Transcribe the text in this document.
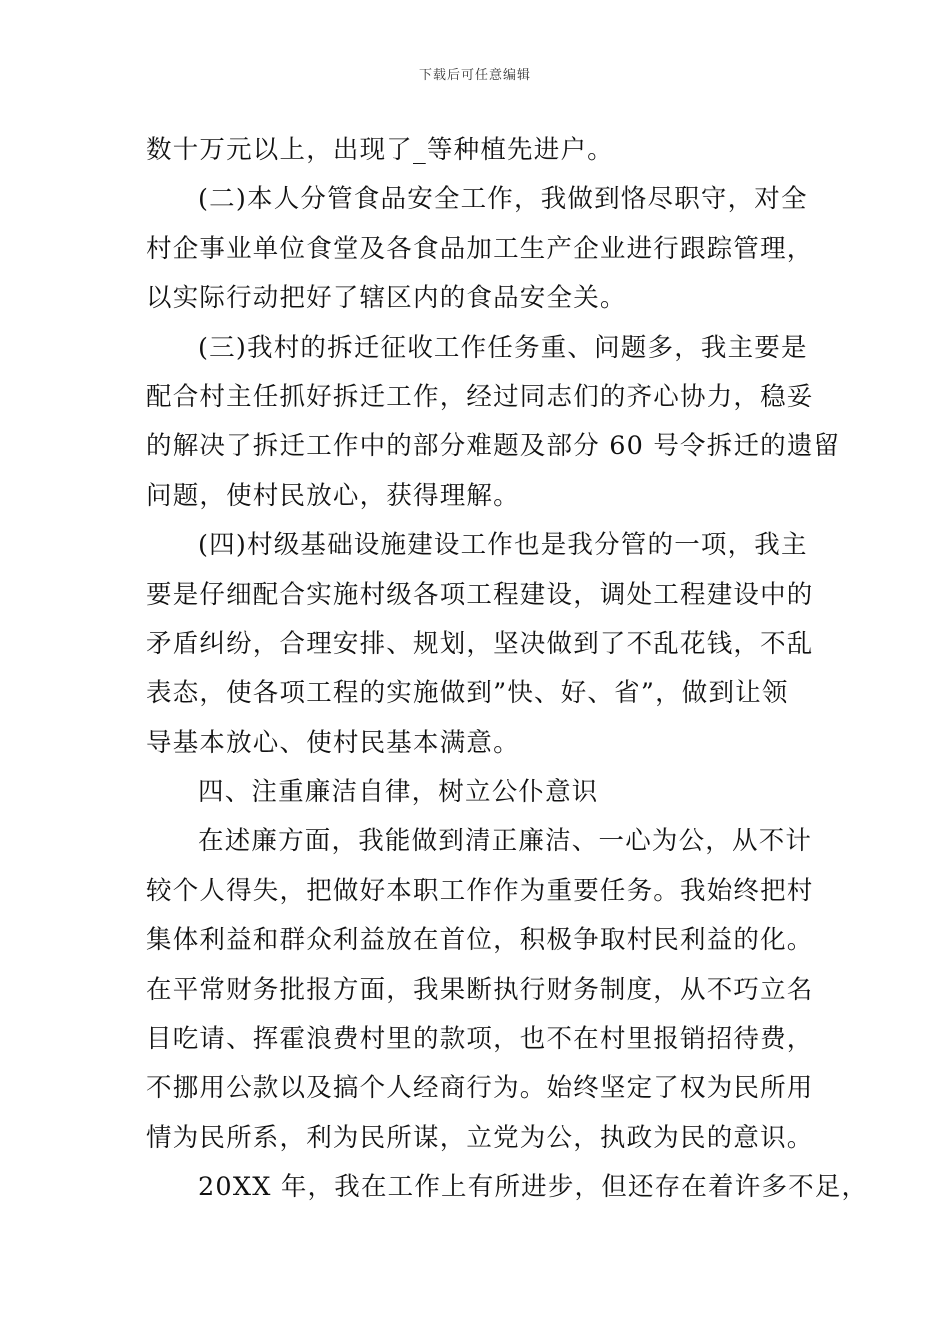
下载后可任意编辑
数十万元以上，出现了_等种植先进户。
(二)本人分管食品安全工作，我做到恪尽职守，对全
村企事业单位食堂及各食品加工生产企业进行跟踪管理，
以实际行动把好了辖区内的食品安全关。
(三)我村的拆迁征收工作任务重、问题多，我主要是
配合村主任抓好拆迁工作，经过同志们的齐心协力，稳妥
的解决了拆迁工作中的部分难题及部分 60 号令拆迁的遗留
问题，使村民放心，获得理解。
(四)村级基础设施建设工作也是我分管的一项，我主
要是仔细配合实施村级各项工程建设，调处工程建设中的
矛盾纠纷，合理安排、规划，坚决做到了不乱花钱，不乱
表态，使各项工程的实施做到”快、好、省”，做到让领
导基本放心、使村民基本满意。
四、注重廉洁自律，树立公仆意识
在述廉方面，我能做到清正廉洁、一心为公，从不计
较个人得失，把做好本职工作作为重要任务。我始终把村
集体利益和群众利益放在首位，积极争取村民利益的化。
在平常财务批报方面，我果断执行财务制度，从不巧立名
目吃请、挥霍浪费村里的款项，也不在村里报销招待费，
不挪用公款以及搞个人经商行为。始终坚定了权为民所用
情为民所系，利为民所谋，立党为公，执政为民的意识。
20XX 年，我在工作上有所进步，但还存在着许多不足，
